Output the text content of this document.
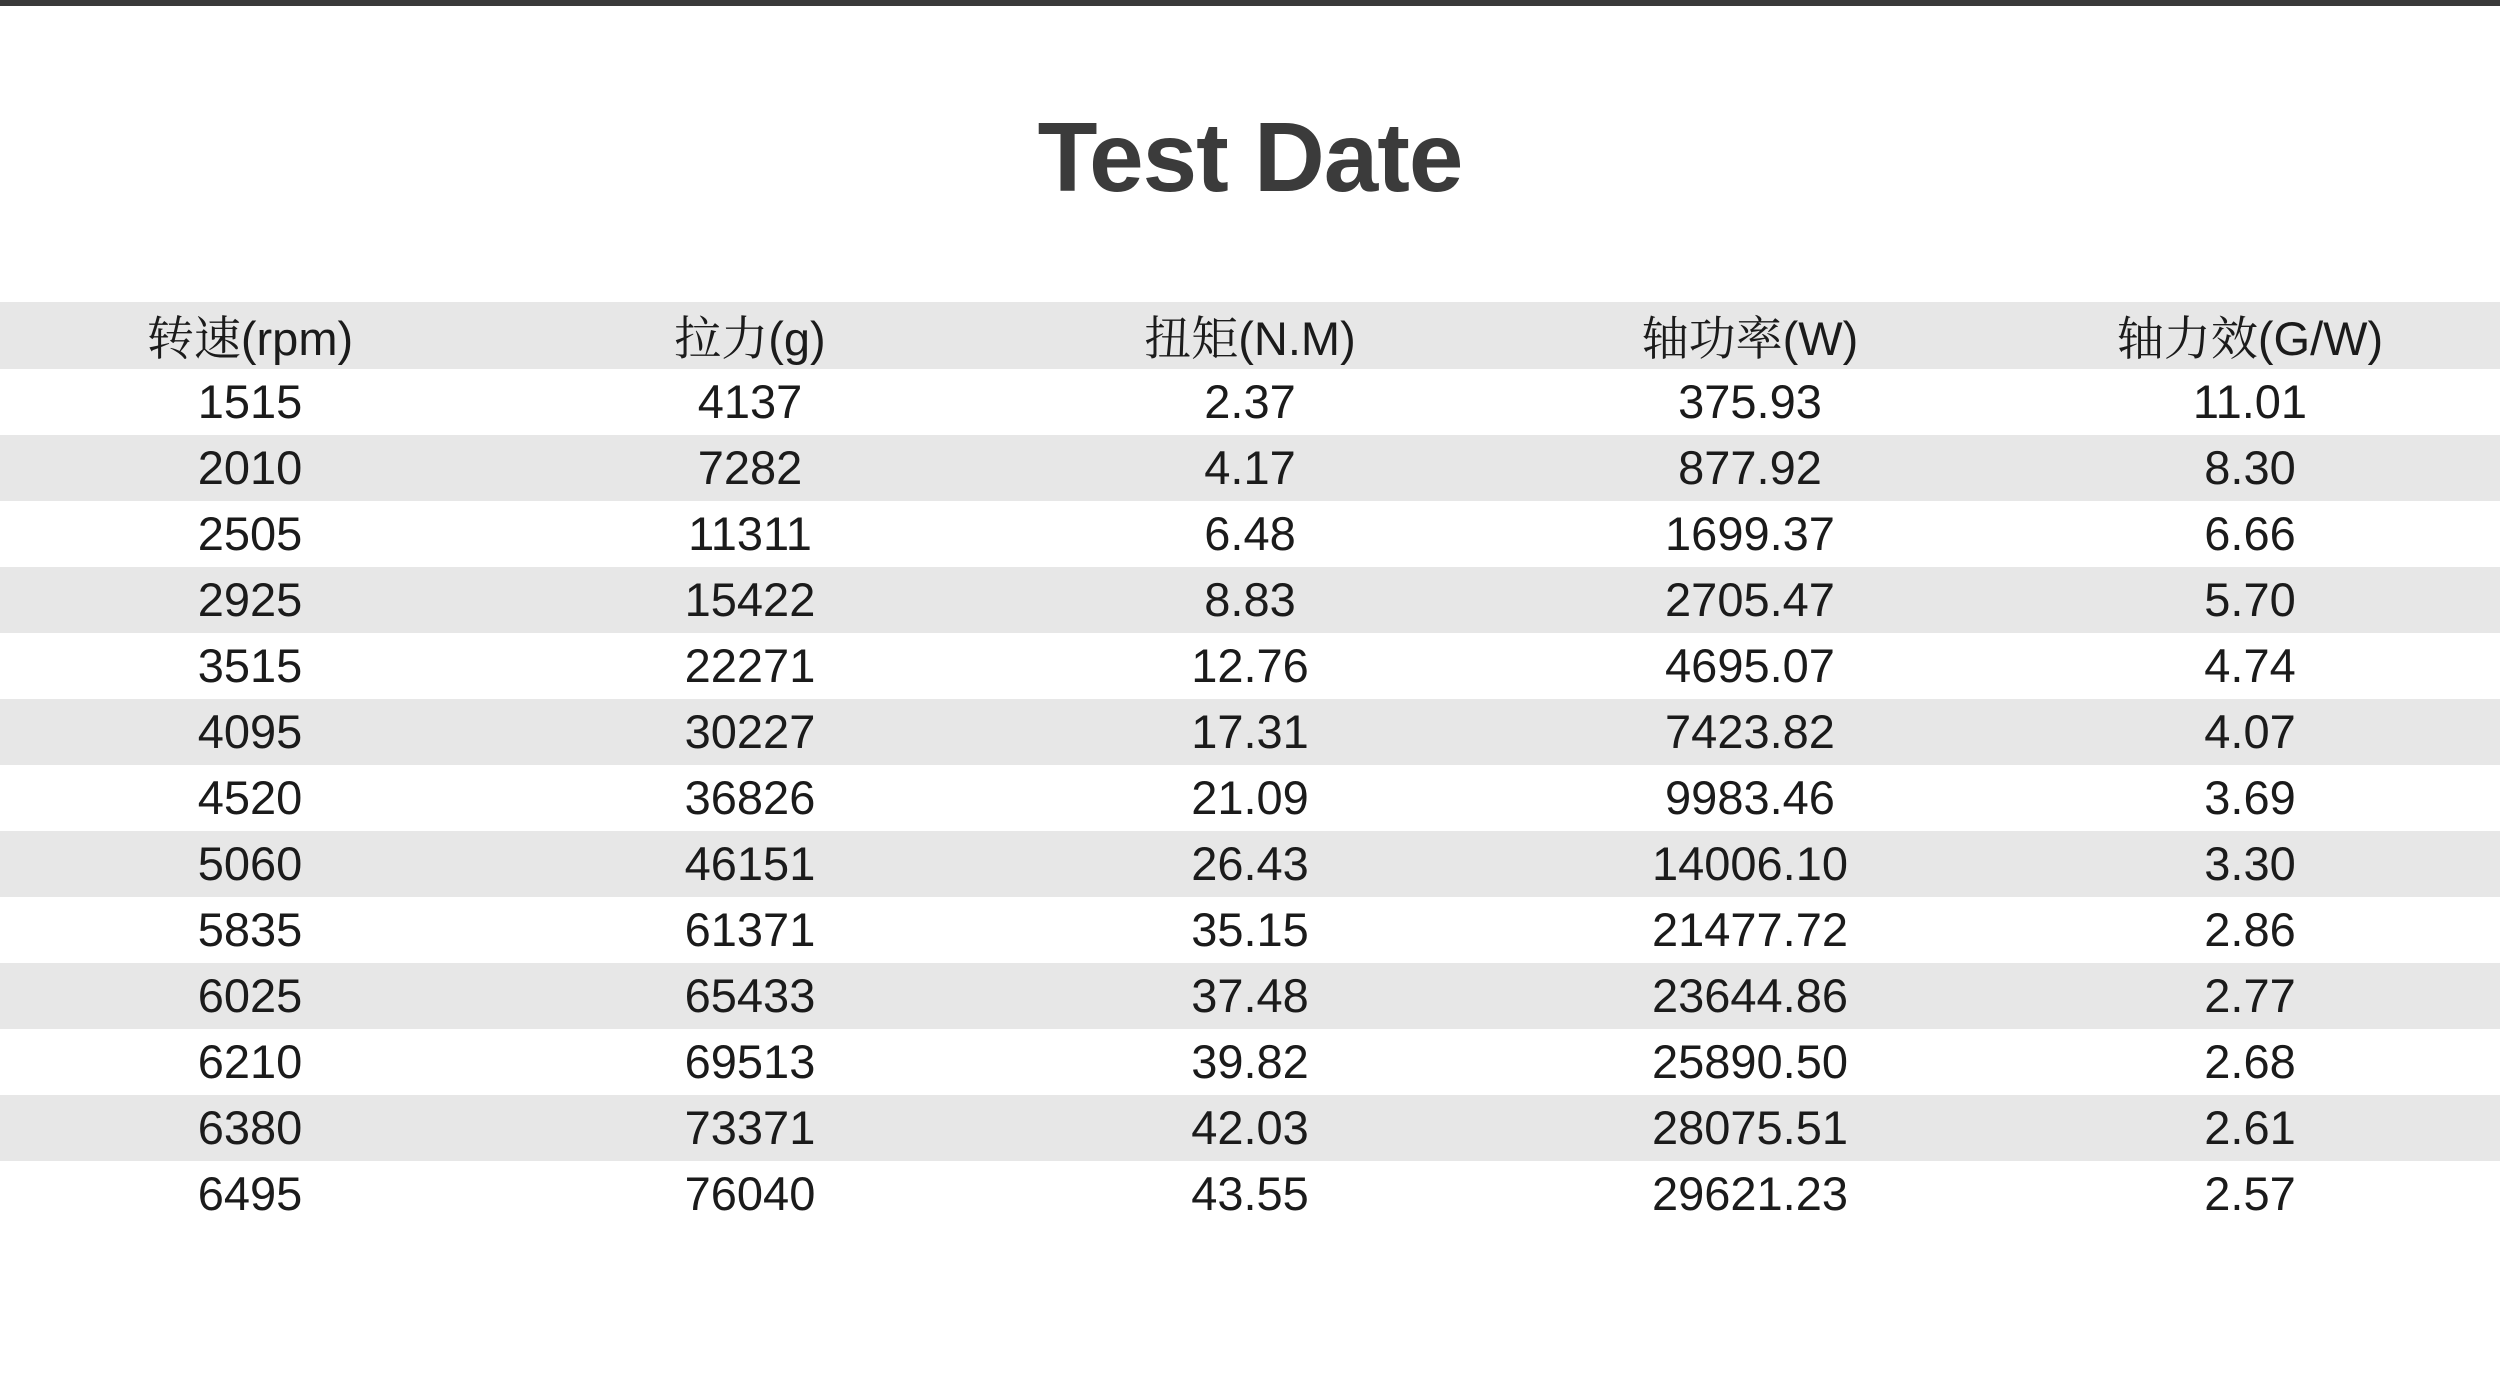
Test Date
转速(rpm)	拉力(g)	扭矩(N.M)	轴功率(W)	轴力效(G/W)
1515	4137	2.37	375.93	11.01
2010	7282	4.17	877.92	8.30
2505	11311	6.48	1699.37	6.66
2925	15422	8.83	2705.47	5.70
3515	22271	12.76	4695.07	4.74
4095	30227	17.31	7423.82	4.07
4520	36826	21.09	9983.46	3.69
5060	46151	26.43	14006.10	3.30
5835	61371	35.15	21477.72	2.86
6025	65433	37.48	23644.86	2.77
6210	69513	39.82	25890.50	2.68
6380	73371	42.03	28075.51	2.61
6495	76040	43.55	29621.23	2.57
